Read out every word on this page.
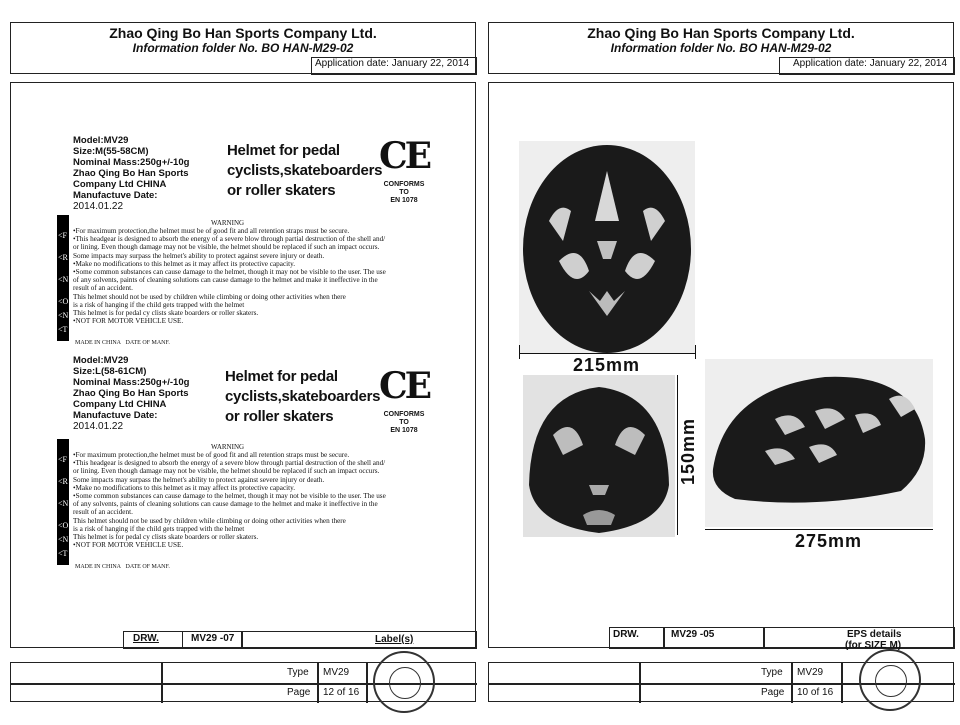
Zhao Qing Bo Han Sports Company Ltd.
Information folder No. BO HAN-M29-02
Application date: January 22, 2014
Model:MV29
Size:M(55-58CM)
Nominal Mass:250g+/-10g
Zhao Qing Bo Han Sports
Company Ltd CHINA
Manufactuve Date:
2014.01.22
Helmet for pedal
cyclists,skateboarders
or roller skaters
CE
CONFORMS
TO
EN 1078
<F
<R
<N
<O
<N
<T
WARNING
•For maximum protection,the helmet must be of good fit and all retention straps must be secure.
•This headgear is designed to absorb the energy of a severe blow through partial destruction of the shell and/
or lining. Even though damage may not be visible, the helmet should be replaced if such an impact occurs.
Some impacts may surpass the helmet's ability to protect against severe injury or death.
•Make no modifications to this helmet as it may affect its protective capacity.
•Some common substances can cause damage to the helmet, though it may not be visible to the user. The use
of any solvents, paints of cleaning solutions can cause damage to the helmet and make it ineffective in the
result of an accident.
This helmet should not be used by children while climbing or doing other activities when there
is a risk of hanging if the child gets trapped with the helmet
This helmet is for pedal cy clists skate boarders or roller skaters.
•NOT FOR MOTOR VEHICLE USE.
MADE IN CHINA DATE OF MANF.
Model:MV29
Size:L(58-61CM)
Nominal Mass:250g+/-10g
Zhao Qing Bo Han Sports
Company Ltd CHINA
Manufactuve Date:
2014.01.22
Helmet for pedal
cyclists,skateboarders
or roller skaters
CE
CONFORMS
TO
EN 1078
<F
<R
<N
<O
<N
<T
WARNING
•For maximum protection,the helmet must be of good fit and all retention straps must be secure.
•This headgear is designed to absorb the energy of a severe blow through partial destruction of the shell and/
or lining. Even though damage may not be visible, the helmet should be replaced if such an impact occurs.
Some impacts may surpass the helmet's ability to protect against severe injury or death.
•Make no modifications to this helmet as it may affect its protective capacity.
•Some common substances can cause damage to the helmet, though it may not be visible to the user. The use
of any solvents, paints of cleaning solutions can cause damage to the helmet and make it ineffective in the
result of an accident.
This helmet should not be used by children while climbing or doing other activities when there
is a risk of hanging if the child gets trapped with the helmet
This helmet is for pedal cy clists skate boarders or roller skaters.
•NOT FOR MOTOR VEHICLE USE.
MADE IN CHINA DATE OF MANF.
DRW.	MV29 -07	Label(s)
Type MV29
Page 12 of 16
Zhao Qing Bo Han Sports Company Ltd.
Information folder No. BO HAN-M29-02
Application date: January 22, 2014
215mm
150mm
275mm
DRW.	MV29 -05	EPS details
(for SIZE M)
Type MV29
Page 10 of 16
